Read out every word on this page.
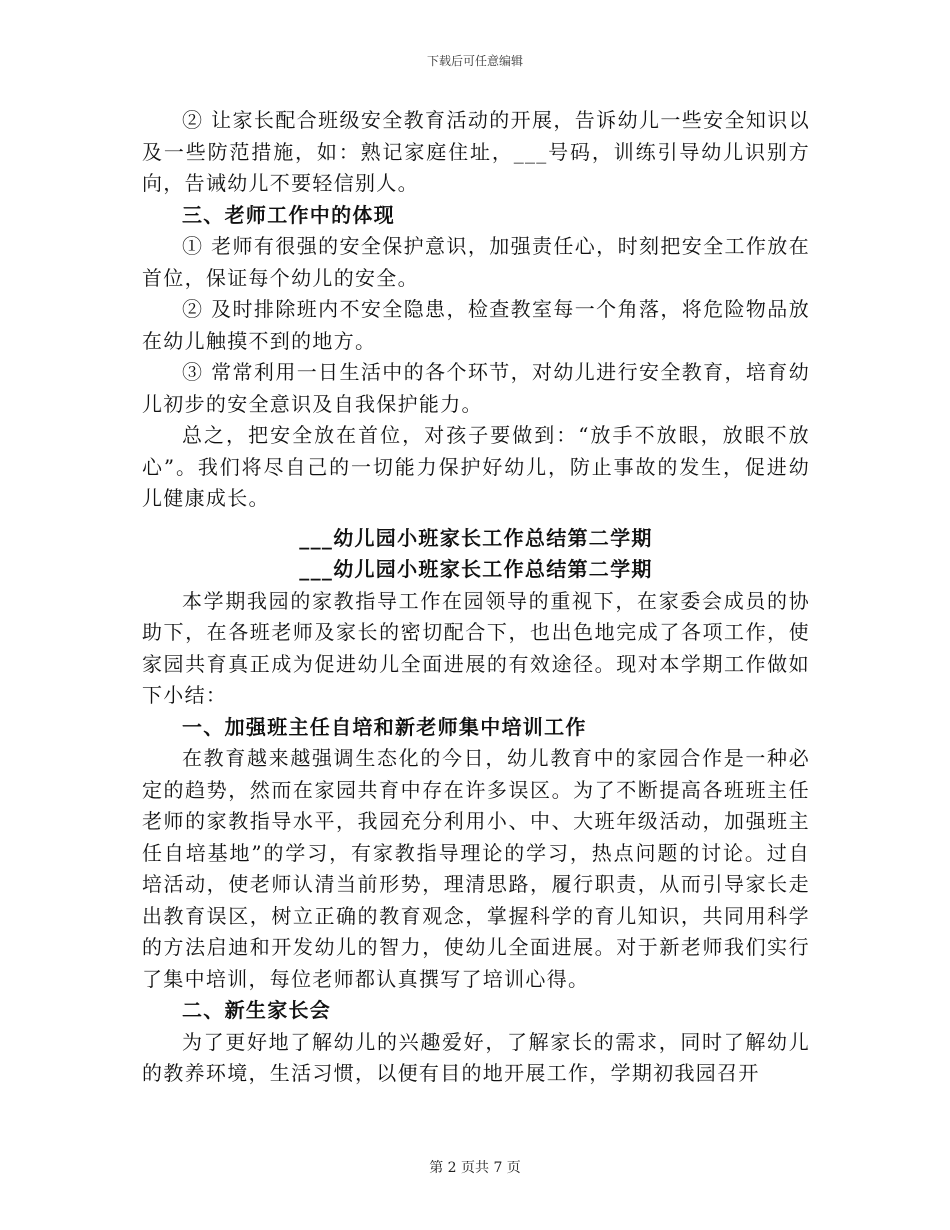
下载后可任意编辑

② 让家长配合班级安全教育活动的开展，告诉幼儿一些安全知识以及一些防范措施，如：熟记家庭住址，___号码，训练引导幼儿识别方向，告诫幼儿不要轻信别人。

三、老师工作中的体现

① 老师有很强的安全保护意识，加强责任心，时刻把安全工作放在首位，保证每个幼儿的安全。

② 及时排除班内不安全隐患，检查教室每一个角落，将危险物品放在幼儿触摸不到的地方。

③ 常常利用一日生活中的各个环节，对幼儿进行安全教育，培育幼儿初步的安全意识及自我保护能力。

总之，把安全放在首位，对孩子要做到：“放手不放眼，放眼不放心”。我们将尽自己的一切能力保护好幼儿，防止事故的发生，促进幼儿健康成长。

___幼儿园小班家长工作总结第二学期

___幼儿园小班家长工作总结第二学期

本学期我园的家教指导工作在园领导的重视下，在家委会成员的协助下，在各班老师及家长的密切配合下，也出色地完成了各项工作，使家园共育真正成为促进幼儿全面进展的有效途径。现对本学期工作做如下小结：

一、加强班主任自培和新老师集中培训工作

在教育越来越强调生态化的今日，幼儿教育中的家园合作是一种必定的趋势，然而在家园共育中存在许多误区。为了不断提高各班班主任老师的家教指导水平，我园充分利用小、中、大班年级活动，加强班主任自培基地”的学习，有家教指导理论的学习，热点问题的讨论。过自培活动，使老师认清当前形势，理清思路，履行职责，从而引导家长走出教育误区，树立正确的教育观念，掌握科学的育儿知识，共同用科学的方法启迪和开发幼儿的智力，使幼儿全面进展。对于新老师我们实行了集中培训，每位老师都认真撰写了培训心得。

二、新生家长会

为了更好地了解幼儿的兴趣爱好，了解家长的需求，同时了解幼儿的教养环境，生活习惯，以便有目的地开展工作，学期初我园召开

第 2 页共 7 页
